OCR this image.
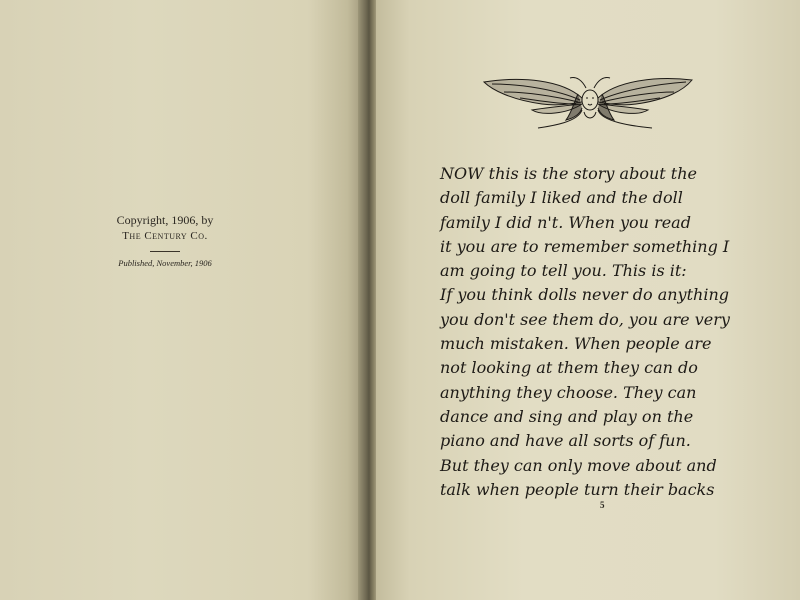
Copyright, 1906, by
The Century Co.
Published, November, 1906
NOW this is the story about the
doll family I liked and the doll
family I did n't. When you read
it you are to remember something I
am going to tell you. This is it:
If you think dolls never do anything
you don't see them do, you are very
much mistaken. When people are
not looking at them they can do
anything they choose. They can
dance and sing and play on the
piano and have all sorts of fun.
But they can only move about and
talk when people turn their backs
5
